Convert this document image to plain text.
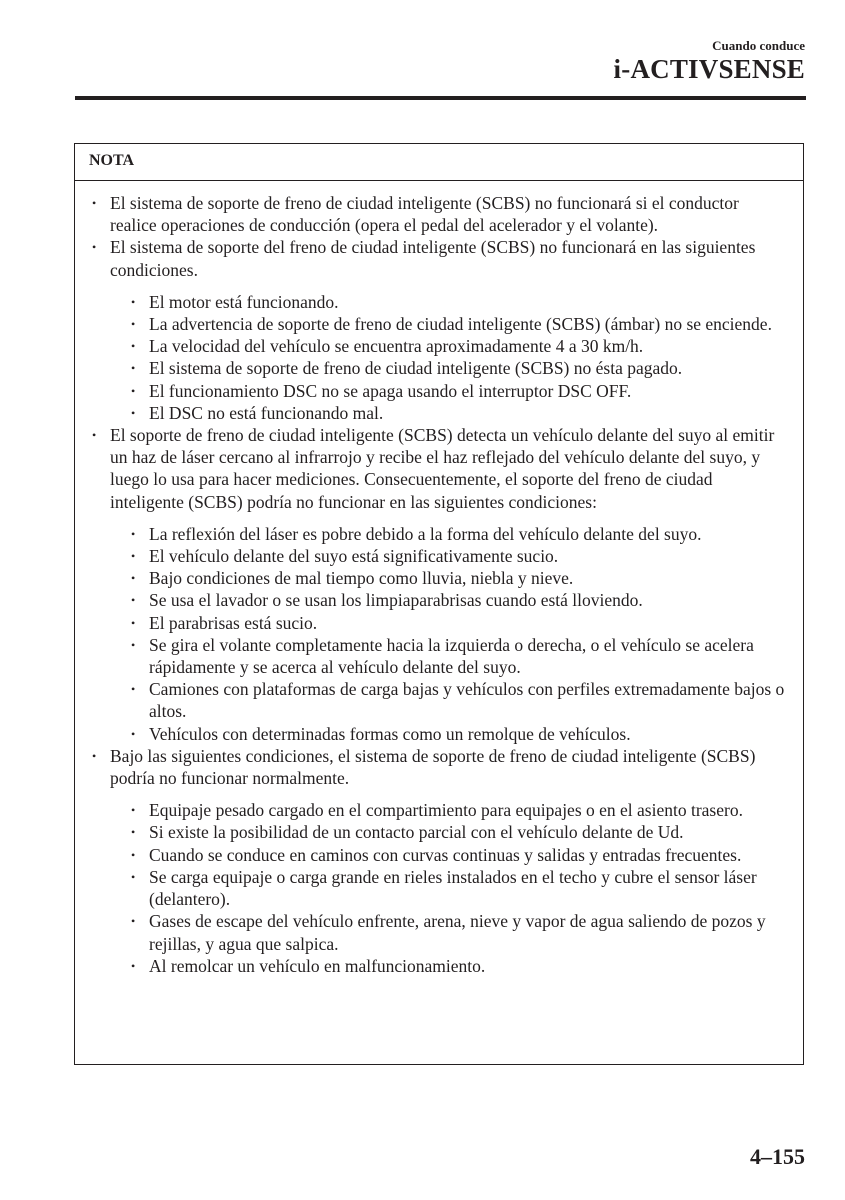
Cuando conduce
i-ACTIVSENSE
NOTA
• El sistema de soporte de freno de ciudad inteligente (SCBS) no funcionará si el conductor realice operaciones de conducción (opera el pedal del acelerador y el volante).
• El sistema de soporte del freno de ciudad inteligente (SCBS) no funcionará en las siguientes condiciones.
• El motor está funcionando.
• La advertencia de soporte de freno de ciudad inteligente (SCBS) (ámbar) no se enciende.
• La velocidad del vehículo se encuentra aproximadamente 4 a 30 km/h.
• El sistema de soporte de freno de ciudad inteligente (SCBS) no ésta pagado.
• El funcionamiento DSC no se apaga usando el interruptor DSC OFF.
• El DSC no está funcionando mal.
• El soporte de freno de ciudad inteligente (SCBS) detecta un vehículo delante del suyo al emitir un haz de láser cercano al infrarrojo y recibe el haz reflejado del vehículo delante del suyo, y luego lo usa para hacer mediciones. Consecuentemente, el soporte del freno de ciudad inteligente (SCBS) podría no funcionar en las siguientes condiciones:
• La reflexión del láser es pobre debido a la forma del vehículo delante del suyo.
• El vehículo delante del suyo está significativamente sucio.
• Bajo condiciones de mal tiempo como lluvia, niebla y nieve.
• Se usa el lavador o se usan los limpiaparabrisas cuando está lloviendo.
• El parabrisas está sucio.
• Se gira el volante completamente hacia la izquierda o derecha, o el vehículo se acelera rápidamente y se acerca al vehículo delante del suyo.
• Camiones con plataformas de carga bajas y vehículos con perfiles extremadamente bajos o altos.
• Vehículos con determinadas formas como un remolque de vehículos.
• Bajo las siguientes condiciones, el sistema de soporte de freno de ciudad inteligente (SCBS) podría no funcionar normalmente.
• Equipaje pesado cargado en el compartimiento para equipajes o en el asiento trasero.
• Si existe la posibilidad de un contacto parcial con el vehículo delante de Ud.
• Cuando se conduce en caminos con curvas continuas y salidas y entradas frecuentes.
• Se carga equipaje o carga grande en rieles instalados en el techo y cubre el sensor láser (delantero).
• Gases de escape del vehículo enfrente, arena, nieve y vapor de agua saliendo de pozos y rejillas, y agua que salpica.
• Al remolcar un vehículo en malfuncionamiento.
4–155
